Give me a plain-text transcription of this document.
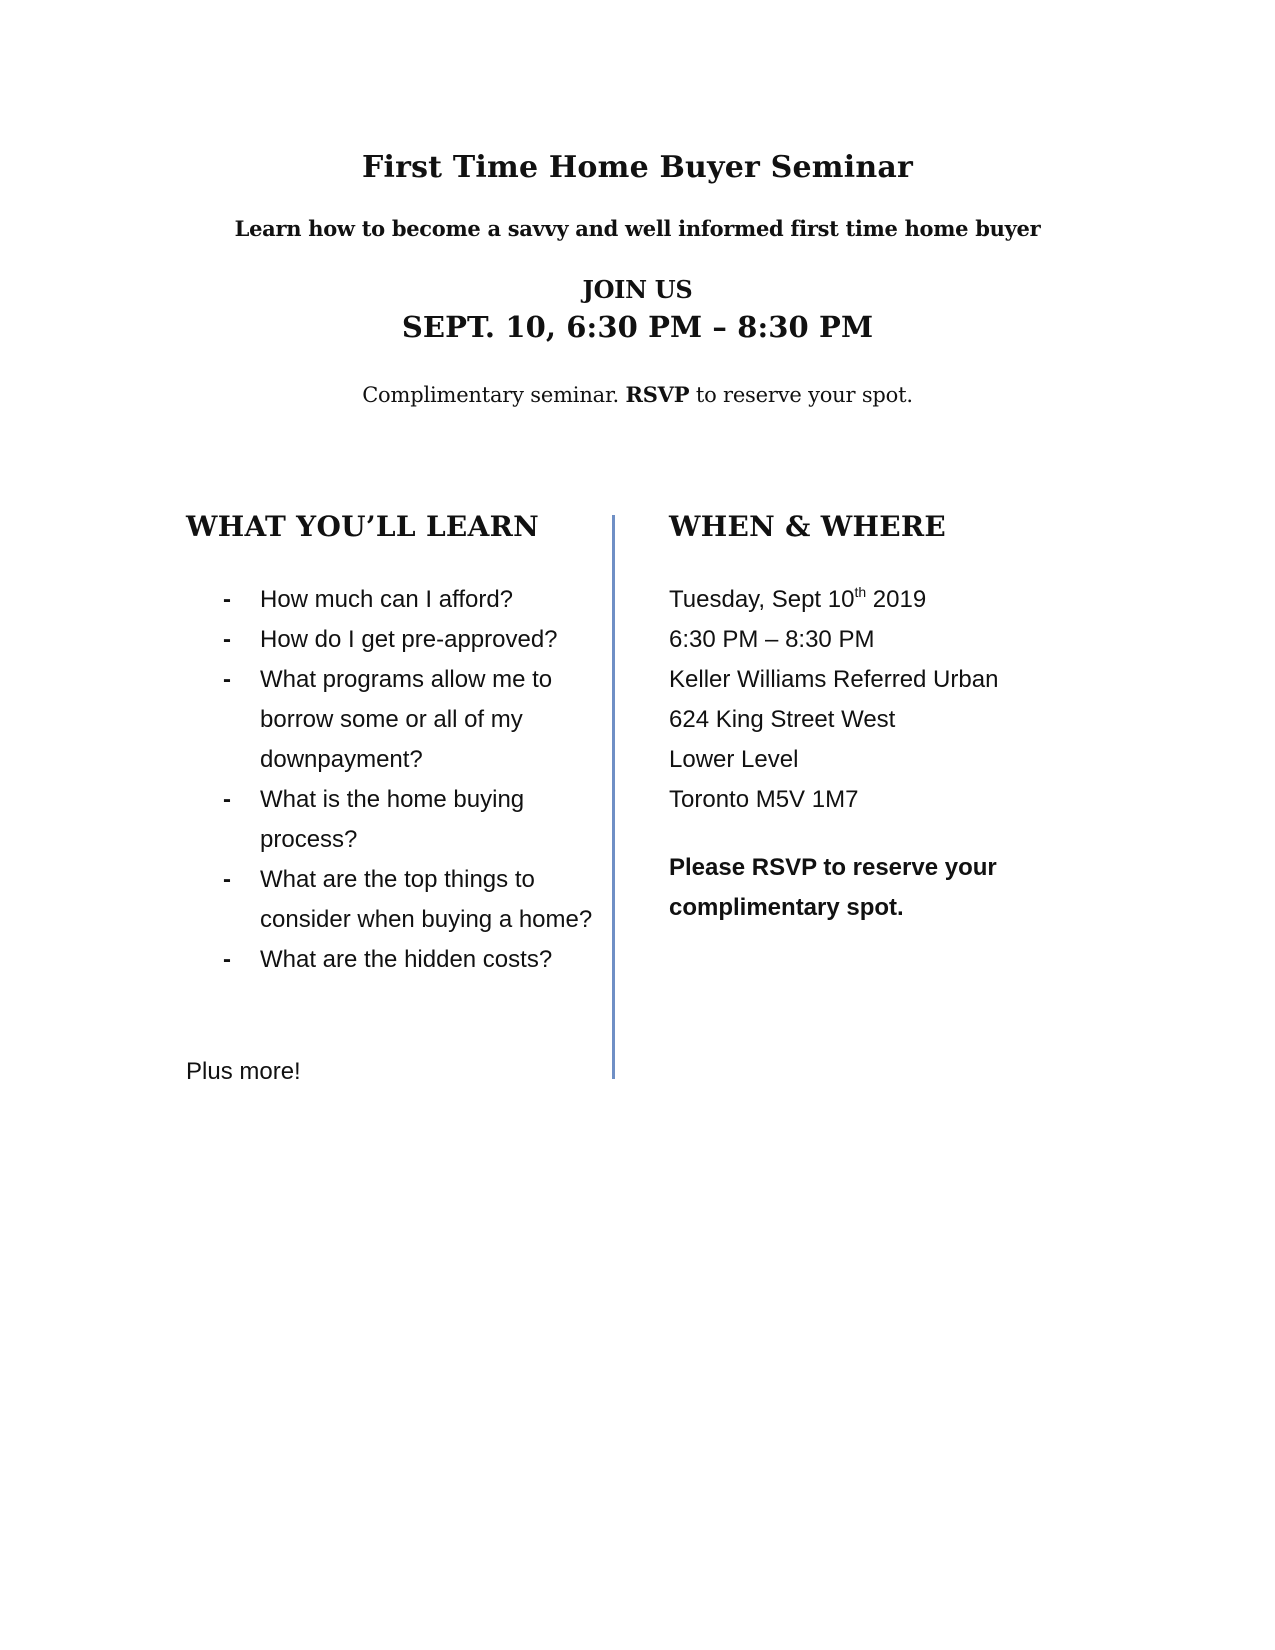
First Time Home Buyer Seminar
Learn how to become a savvy and well informed first time home buyer
JOIN US
SEPT. 10, 6:30 PM – 8:30 PM
Complimentary seminar. RSVP to reserve your spot.
WHAT YOU’LL LEARN	WHEN & WHERE
- How much can I afford?
- How do I get pre-approved?
- What programs allow me to borrow some or all of my downpayment?
- What is the home buying process?
- What are the top things to consider when buying a home?
- What are the hidden costs?
Plus more!
Tuesday, Sept 10th 2019
6:30 PM – 8:30 PM
Keller Williams Referred Urban
624 King Street West
Lower Level
Toronto M5V 1M7
Please RSVP to reserve your complimentary spot.
